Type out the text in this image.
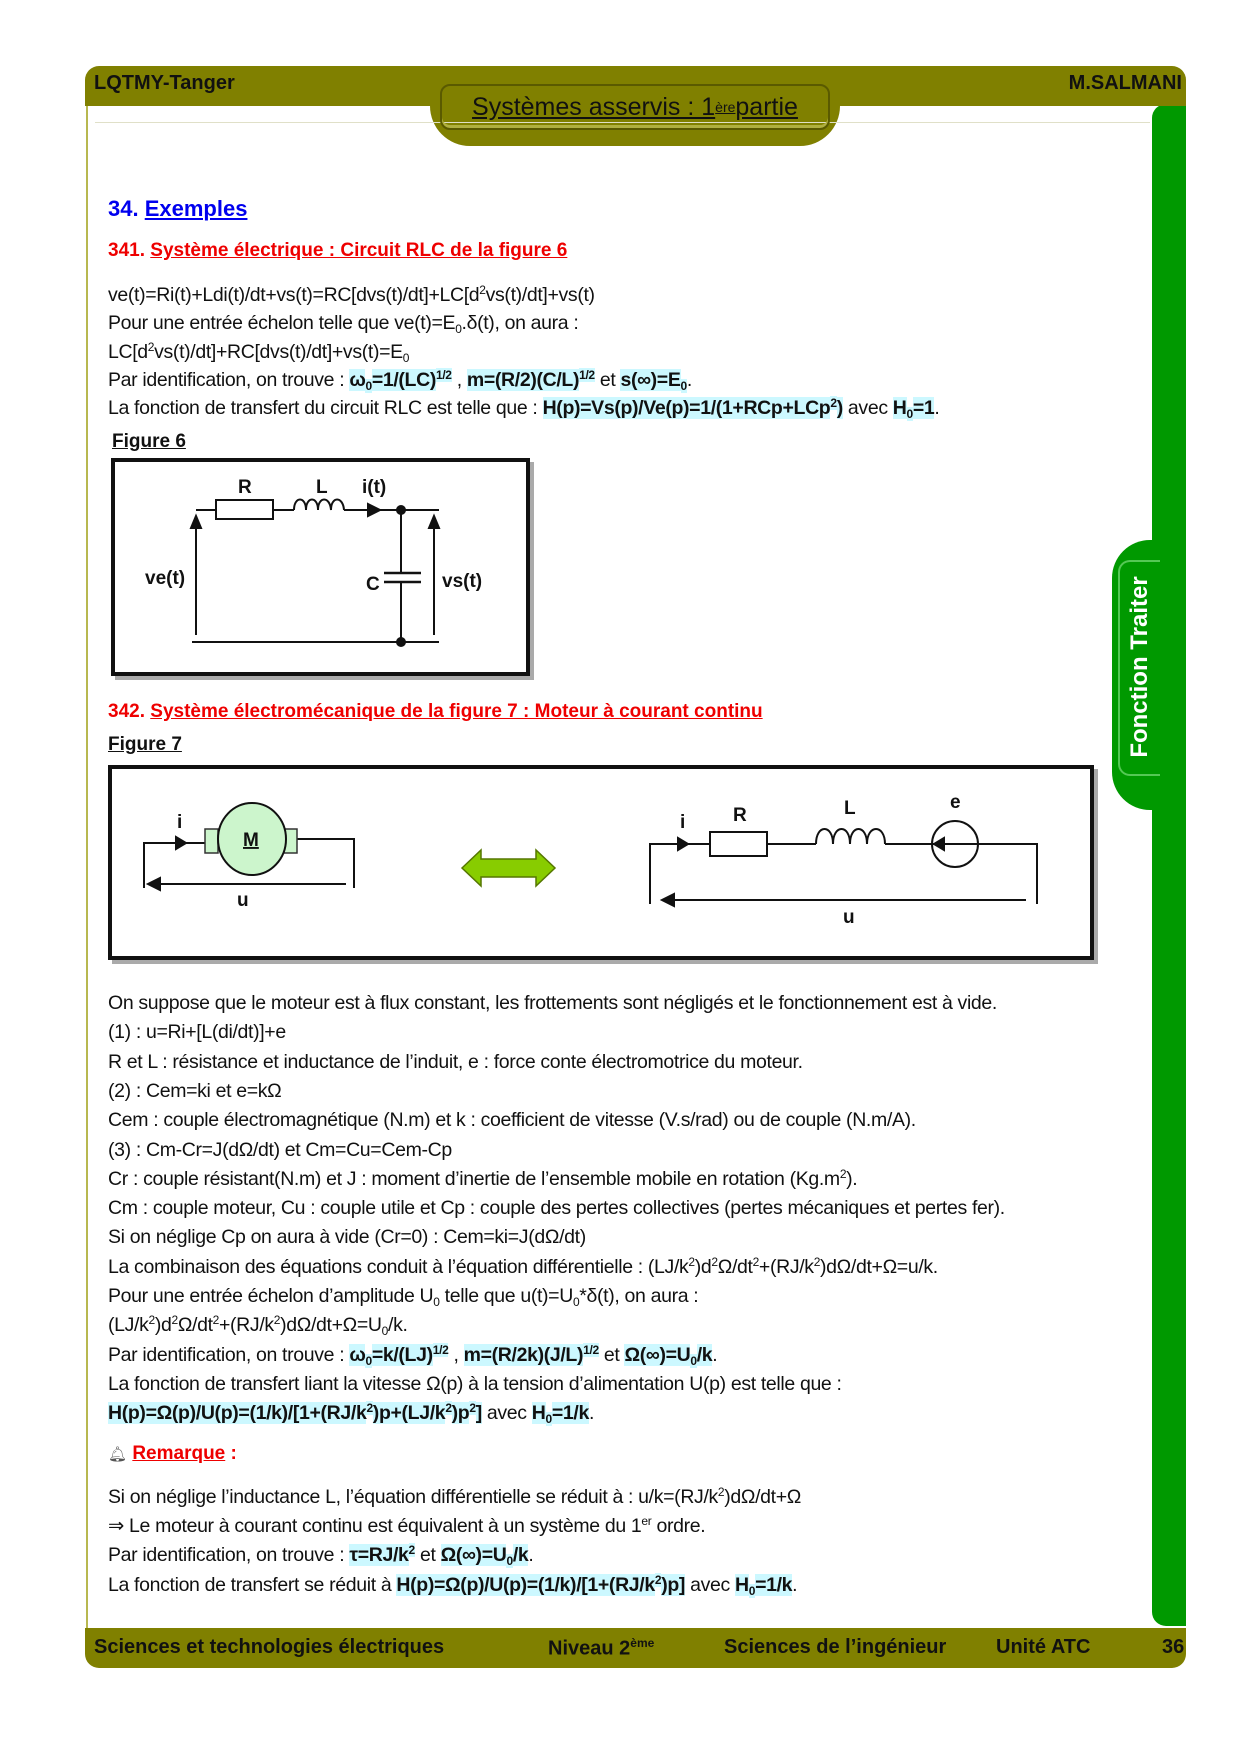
Fonction Traiter
LQTMY-Tanger	M.SALMANI
Systèmes asservis : 1 ère partie
34. Exemples
341. Système électrique : Circuit RLC de la figure 6
$ve(t)=Ri(t)+Ldi(t)/dt+vs(t)=RC[dvs(t)/dt]+LC[d^2vs(t)/dt]+vs(t)$
Pour une entrée échelon telle que $ve(t)=E_0.\delta(t)$, on aura :
$LC[d^2vs(t)/dt]+RC[dvs(t)/dt]+vs(t)=E_0$
Par identification, on trouve : $\omega_0=1/(LC)^{1/2}$ , $m=(R/2)(C/L)^{1/2}$ et $s(\infty)=E_0$.
La fonction de transfert du circuit RLC est telle que : H(p)=Vs(p)/Ve(p)=1/(1+RCp+LCp$^2$) avec $H_0=1$.
Figure 6
R	L i(t)
ve(t)	C	vs(t)
342. Système électromécanique de la figure 7 : Moteur à courant continu
Figure 7
i
M
u
i	R	L	e
u
On suppose que le moteur est à flux constant, les frottements sont négligés et le fonctionnement est à vide.
(1) : u=Ri+[L(di/dt)]+e
R et L : résistance et inductance de l’induit, e : force conte électromotrice du moteur.
(2) : Cem=ki et e=kΩ
Cem : couple électromagnétique (N.m) et k : coefficient de vitesse (V.s/rad) ou de couple (N.m/A).
(3) : Cm-Cr=J(dΩ/dt) et Cm=Cu=Cem-Cp
Cr : couple résistant(N.m) et J : moment d’inertie de l’ensemble mobile en rotation $(Kg.m^2)$.
Cm : couple moteur, Cu : couple utile et Cp : couple des pertes collectives (pertes mécaniques et pertes fer).
Si on néglige Cp on aura à vide (Cr=0) : Cem=ki=J(dΩ/dt)
La combinaison des équations conduit à l’équation différentielle : $(LJ/k^2)d^2\Omega/dt^2+(RJ/k^2)d\Omega/dt+\Omega=u/k$.
Pour une entrée échelon d’amplitude $U_0$ telle que $u(t)=U_0*\delta(t)$, on aura :
$(LJ/k^2)d^2\Omega/dt^2+(RJ/k^2)d\Omega/dt+\Omega=U_0/k$.
Par identification, on trouve : $\omega_0=k/(LJ)^{1/2}$ , $m=(R/2k)(J/L)^{1/2}$ et $\Omega(\infty)=U_0/k$.
La fonction de transfert liant la vitesse Ω(p) à la tension d’alimentation U(p) est telle que :
$H(p)=\Omega(p)/U(p)=(1/k)/[1+(RJ/k^2)p+(LJ/k^2)p^2]$ avec $H_0=1/k$.
🔔︎ Remarque :
Si on néglige l’inductance L, l’équation différentielle se réduit à : $u/k=(RJ/k^2)d\Omega/dt+\Omega$
⇒ Le moteur à courant continu est équivalent à un système du 1er ordre.
Par identification, on trouve : $\tau=RJ/k^2$ et $\Omega(\infty)=U_0/k$.
La fonction de transfert se réduit à $H(p)=\Omega(p)/U(p)=(1/k)/[1+(RJ/k^2)p]$ avec $H_0=1/k$.
Sciences et technologies électriques	Niveau 2ème	Sciences de l’ingénieur Unité ATC	36
